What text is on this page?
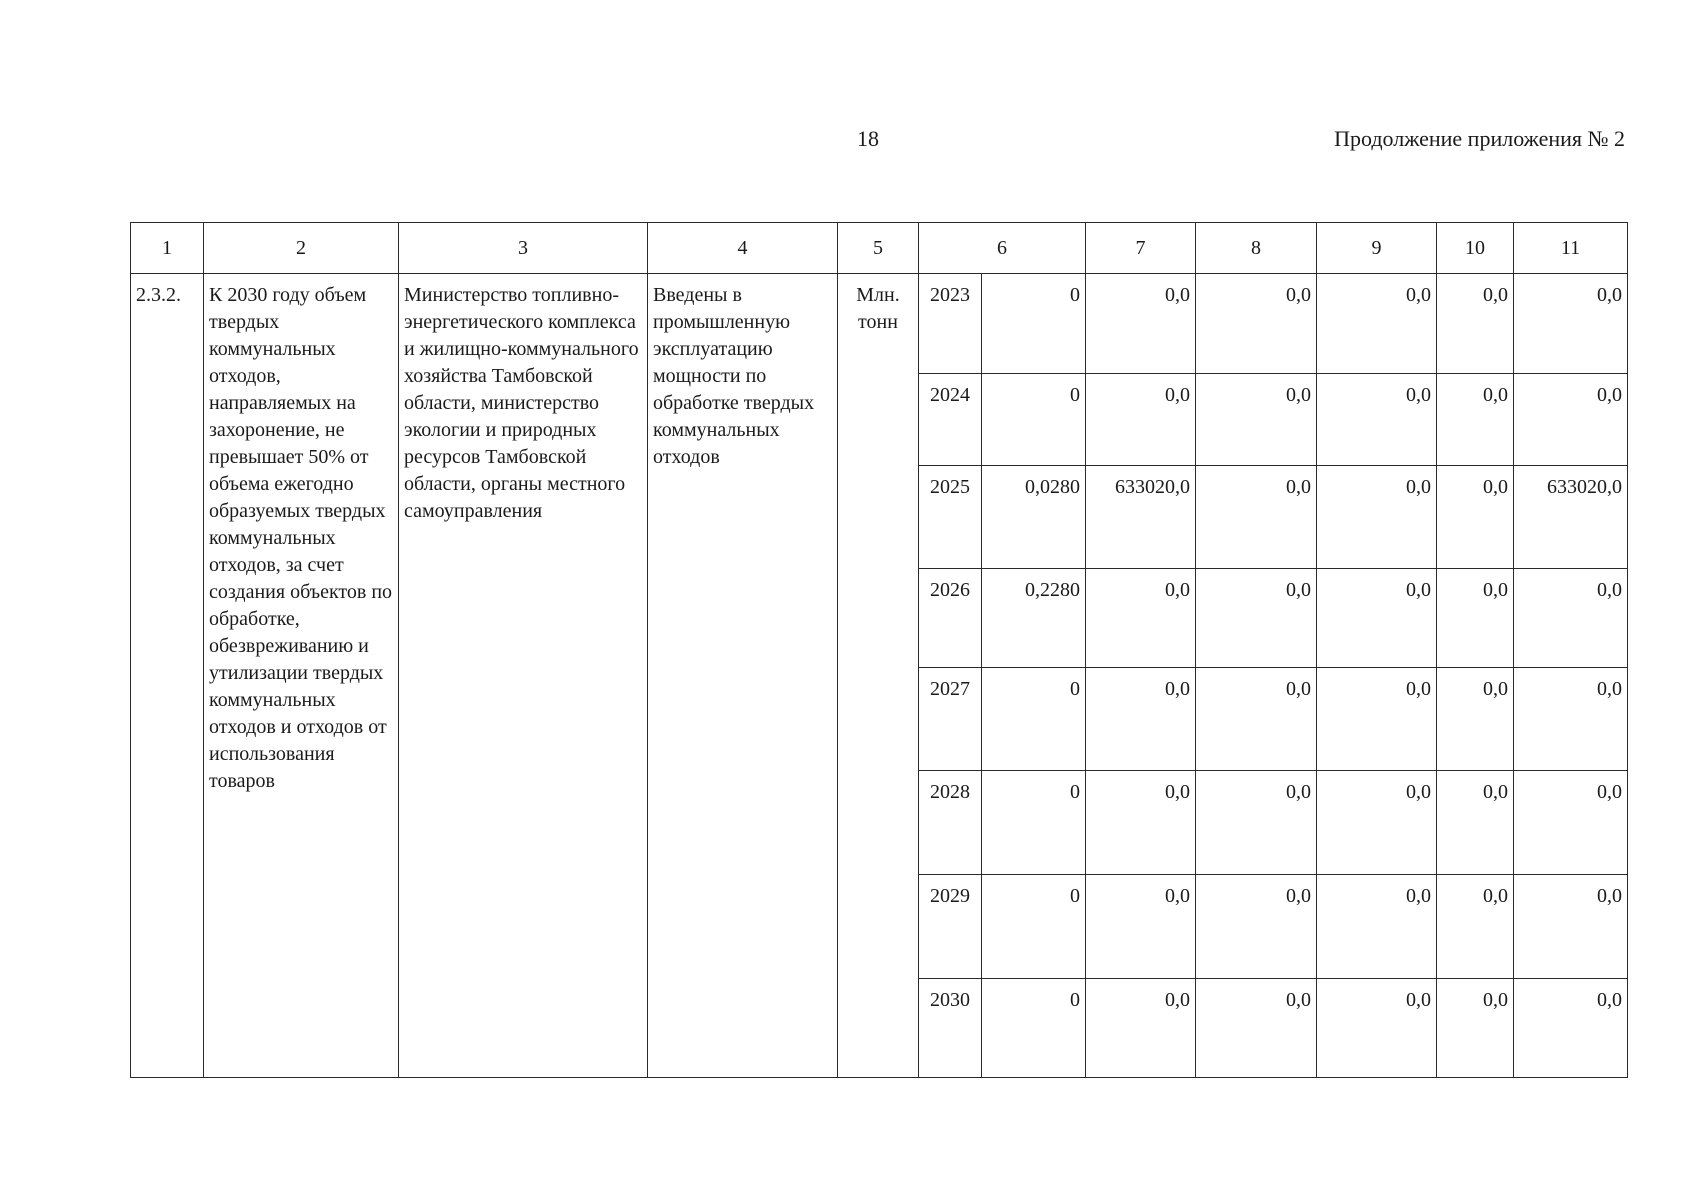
18	Продолжение приложения № 2
1	2	3	4	5	6		7	8	9	10	11

2.3.2.	К 2030 году объем твердых коммунальных отходов, направляемых на захоронение, не превышает 50% от объема ежегодно образуемых твердых коммунальных отходов, за счет создания объектов по обработке, обезвреживанию и утилизации твердых коммунальных отходов и отходов от использования товаров	Министерство топливно-энергетического комплекса и жилищно-коммунального хозяйства Тамбовской области, министерство экологии и природных ресурсов Тамбовской области, органы местного самоуправления	Введены в промышленную эксплуатацию мощности по обработке твердых коммунальных отходов	Млн. тонн	2023	0	0,0	0,0	0,0	0,0	0,0

					2024	0	0,0	0,0	0,0	0,0	0,0

					2025	0,0280	633020,0	0,0	0,0	0,0	633020,0

					2026	0,2280	0,0	0,0	0,0	0,0	0,0

					2027	0	0,0	0,0	0,0	0,0	0,0

					2028	0	0,0	0,0	0,0	0,0	0,0

					2029	0	0,0	0,0	0,0	0,0	0,0

					2030	0	0,0	0,0	0,0	0,0	0,0
